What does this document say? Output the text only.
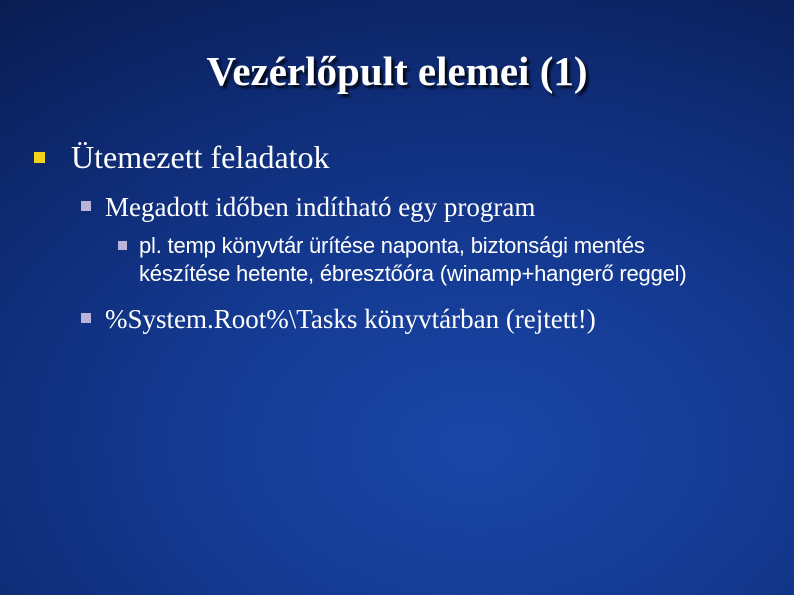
Vezérlőpult elemei (1)
Ütemezett feladatok
Megadott időben indítható egy program
pl. temp könyvtár ürítése naponta, biztonsági mentés készítése hetente, ébresztőóra (winamp+hangerő reggel)
%System.Root%\Tasks könyvtárban (rejtett!)
